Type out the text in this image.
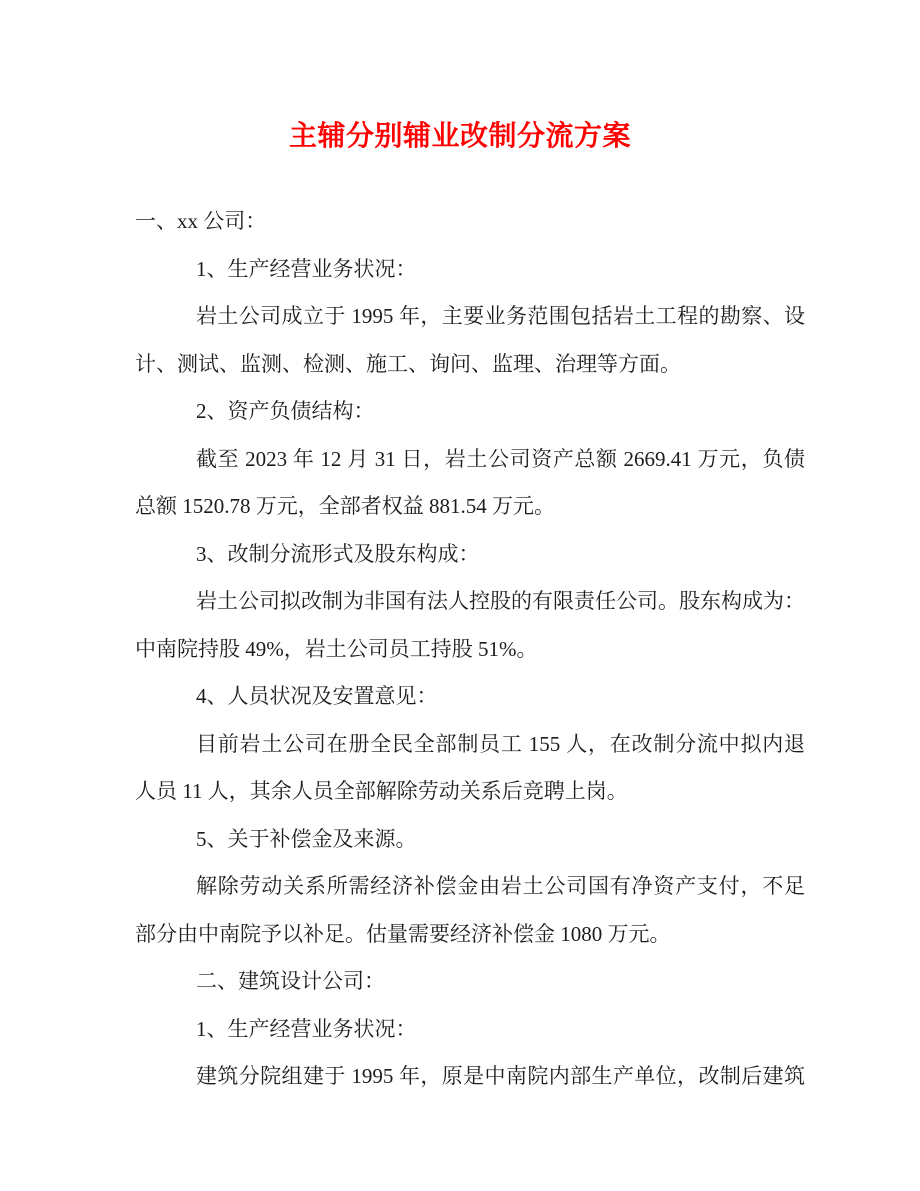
主辅分别辅业改制分流方案
一、xx 公司：
1、生产经营业务状况：
岩土公司成立于 1995 年，主要业务范围包括岩土工程的勘察、设
计、测试、监测、检测、施工、询问、监理、治理等方面。
2、资产负债结构：
截至 2023 年 12 月 31 日，岩土公司资产总额 2669.41 万元，负债
总额 1520.78 万元，全部者权益 881.54 万元。
3、改制分流形式及股东构成：
岩土公司拟改制为非国有法人控股的有限责任公司。股东构成为：
中南院持股 49%，岩土公司员工持股 51%。
4、人员状况及安置意见：
目前岩土公司在册全民全部制员工 155 人，在改制分流中拟内退
人员 11 人，其余人员全部解除劳动关系后竞聘上岗。
5、关于补偿金及来源。
解除劳动关系所需经济补偿金由岩土公司国有净资产支付，不足
部分由中南院予以补足。估量需要经济补偿金 1080 万元。
二、建筑设计公司：
1、生产经营业务状况：
建筑分院组建于 1995 年，原是中南院内部生产单位，改制后建筑
